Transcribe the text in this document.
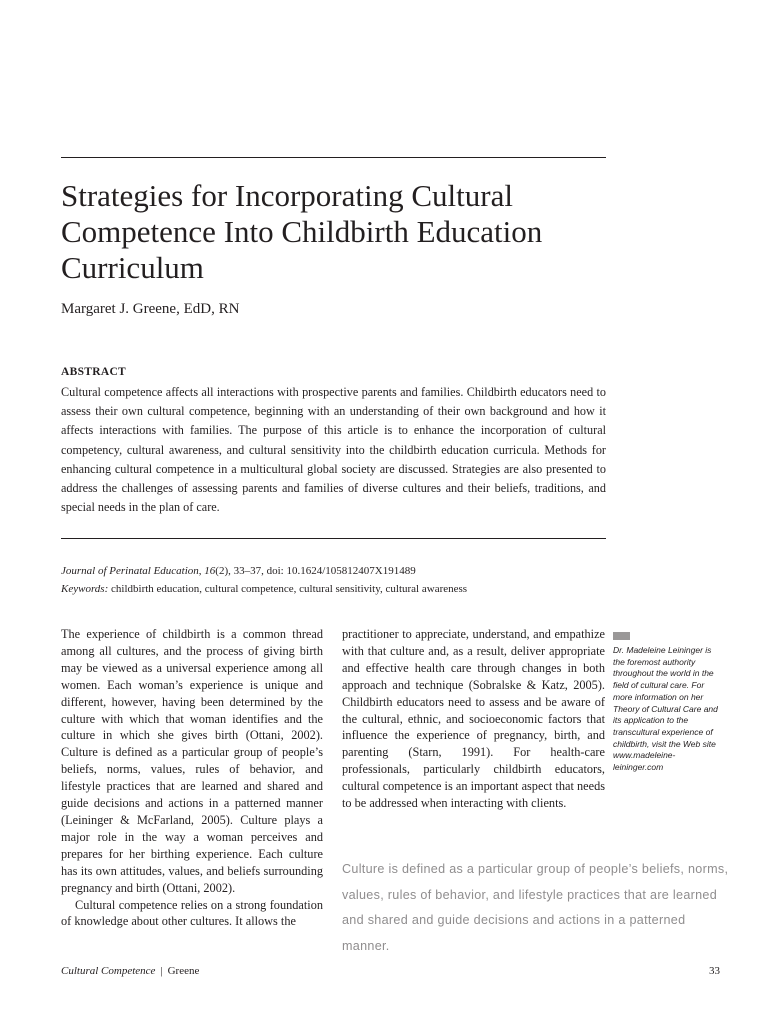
Strategies for Incorporating Cultural Competence Into Childbirth Education Curriculum
Margaret J. Greene, EdD, RN
ABSTRACT

Cultural competence affects all interactions with prospective parents and families. Childbirth educators need to assess their own cultural competence, beginning with an understanding of their own background and how it affects interactions with families. The purpose of this article is to enhance the incorporation of cultural competency, cultural awareness, and cultural sensitivity into the childbirth education curricula. Methods for enhancing cultural competence in a multicultural global society are discussed. Strategies are also presented to address the challenges of assessing parents and families of diverse cultures and their beliefs, traditions, and special needs in the plan of care.

Journal of Perinatal Education, 16(2), 33–37, doi: 10.1624/105812407X191489
Keywords: childbirth education, cultural competence, cultural sensitivity, cultural awareness

The experience of childbirth is a common thread among all cultures, and the process of giving birth may be viewed as a universal experience among all women. Each woman’s experience is unique and different, however, having been determined by the culture with which that woman identifies and the culture in which she gives birth (Ottani, 2002). Culture is defined as a particular group of people’s beliefs, norms, values, rules of behavior, and lifestyle practices that are learned and shared and guide decisions and actions in a patterned manner (Leininger & McFarland, 2005). Culture plays a major role in the way a woman perceives and prepares for her birthing experience. Each culture has its own attitudes, values, and beliefs surrounding pregnancy and birth (Ottani, 2002).

Cultural competence relies on a strong foundation of knowledge about other cultures. It allows the

practitioner to appreciate, understand, and empathize with that culture and, as a result, deliver appropriate and effective health care through changes in both approach and technique (Sobralske & Katz, 2005). Childbirth educators need to assess and be aware of the cultural, ethnic, and socioeconomic factors that influence the experience of pregnancy, birth, and parenting (Starn, 1991). For health-care professionals, particularly childbirth educators, cultural competence is an important aspect that needs to be addressed when interacting with clients.

Dr. Madeleine Leininger is the foremost authority throughout the world in the field of cultural care. For more information on her Theory of Cultural Care and its application to the transcultural experience of childbirth, visit the Web site www.madeleine-leininger.com
Culture is defined as a particular group of people’s beliefs, norms, values, rules of behavior, and lifestyle practices that are learned and shared and guide decisions and actions in a patterned manner.
Cultural Competence | Greene	33
